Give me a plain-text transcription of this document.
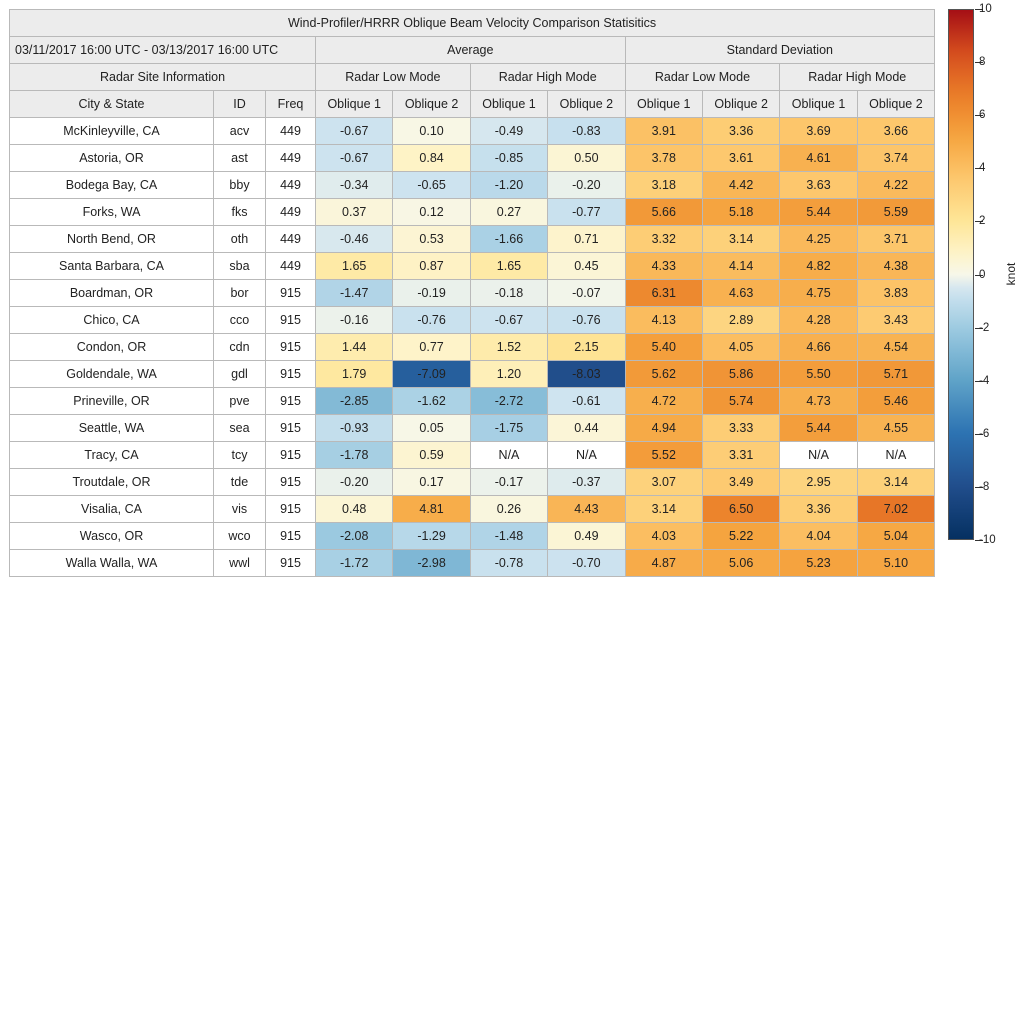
Wind-Profiler/HRRR Oblique Beam Velocity Comparison Statisitics										
03/11/2017 16:00 UTC - 03/13/2017 16:00 UTC			Average				Standard Deviation			
Radar Site Information			Radar Low Mode		Radar High Mode		Radar Low Mode		Radar High Mode	
City & State	ID	Freq	Oblique 1	Oblique 2	Oblique 1	Oblique 2	Oblique 1	Oblique 2	Oblique 1	Oblique 2
McKinleyville, CA	acv	449	-0.67	0.10	-0.49	-0.83	3.91	3.36	3.69	3.66
Astoria, OR	ast	449	-0.67	0.84	-0.85	0.50	3.78	3.61	4.61	3.74
Bodega Bay, CA	bby	449	-0.34	-0.65	-1.20	-0.20	3.18	4.42	3.63	4.22
Forks, WA	fks	449	0.37	0.12	0.27	-0.77	5.66	5.18	5.44	5.59
North Bend, OR	oth	449	-0.46	0.53	-1.66	0.71	3.32	3.14	4.25	3.71
Santa Barbara, CA	sba	449	1.65	0.87	1.65	0.45	4.33	4.14	4.82	4.38
Boardman, OR	bor	915	-1.47	-0.19	-0.18	-0.07	6.31	4.63	4.75	3.83
Chico, CA	cco	915	-0.16	-0.76	-0.67	-0.76	4.13	2.89	4.28	3.43
Condon, OR	cdn	915	1.44	0.77	1.52	2.15	5.40	4.05	4.66	4.54
Goldendale, WA	gdl	915	1.79	-7.09	1.20	-8.03	5.62	5.86	5.50	5.71
Prineville, OR	pve	915	-2.85	-1.62	-2.72	-0.61	4.72	5.74	4.73	5.46
Seattle, WA	sea	915	-0.93	0.05	-1.75	0.44	4.94	3.33	5.44	4.55
Tracy, CA	tcy	915	-1.78	0.59	N/A	N/A	5.52	3.31	N/A	N/A
Troutdale, OR	tde	915	-0.20	0.17	-0.17	-0.37	3.07	3.49	2.95	3.14
Visalia, CA	vis	915	0.48	4.81	0.26	4.43	3.14	6.50	3.36	7.02
Wasco, OR	wco	915	-2.08	-1.29	-1.48	0.49	4.03	5.22	4.04	5.04
Walla Walla, WA	wwl	915	-1.72	-2.98	-0.78	-0.70	4.87	5.06	5.23	5.10
10
8
6
4
2
0
-2
-4
-6
-8
-10
knot
